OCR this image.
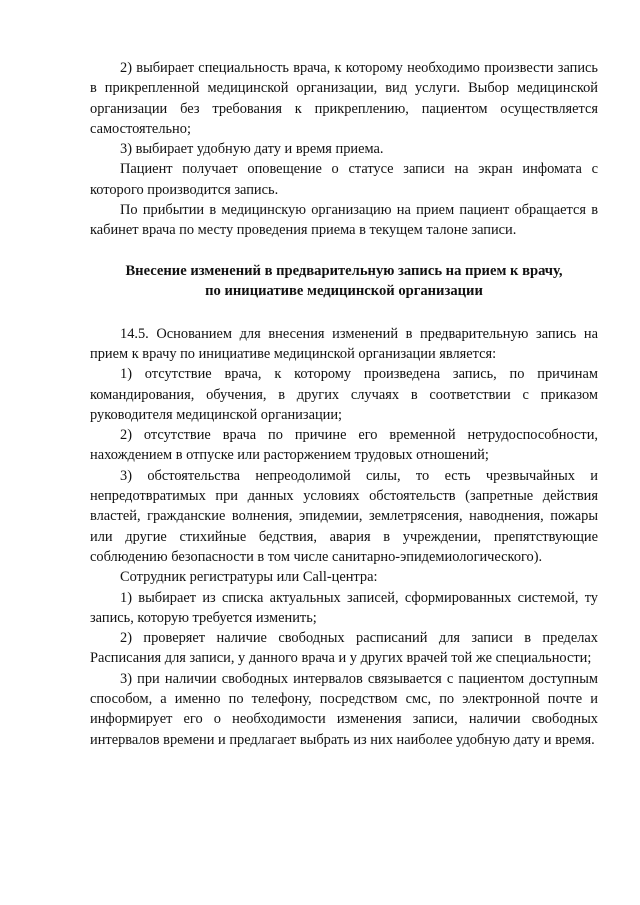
2) выбирает специальность врача, к которому необходимо произвести запись в прикрепленной медицинской организации, вид услуги. Выбор медицинской организации без требования к прикреплению, пациентом осуществляется самостоятельно;

3) выбирает удобную дату и время приема.

Пациент получает оповещение о статусе записи на экран инфомата с которого производится запись.

По прибытии в медицинскую организацию на прием пациент обращается в кабинет врача по месту проведения приема в текущем талоне записи.

Внесение изменений в предварительную запись на прием к врачу,

по инициативе медицинской организации

14.5. Основанием для внесения изменений в предварительную запись на прием к врачу по инициативе медицинской организации является:

1) отсутствие врача, к которому произведена запись, по причинам командирования, обучения, в других случаях в соответствии с приказом руководителя медицинской организации;

2) отсутствие врача по причине его временной нетрудоспособности, нахождением в отпуске или расторжением трудовых отношений;

3) обстоятельства непреодолимой силы, то есть чрезвычайных и непредотвратимых при данных условиях обстоятельств (запретные действия властей, гражданские волнения, эпидемии, землетрясения, наводнения, пожары или другие стихийные бедствия, авария в учреждении, препятствующие соблюдению безопасности в том числе санитарно-эпидемиологического).

Сотрудник регистратуры или Call-центра:

1) выбирает из списка актуальных записей, сформированных системой, ту запись, которую требуется изменить;

2) проверяет наличие свободных расписаний для записи в пределах Расписания для записи, у данного врача и у других врачей той же специальности;

3) при наличии свободных интервалов связывается с пациентом доступным способом, а именно по телефону, посредством смс, по электронной почте и информирует его о необходимости изменения записи, наличии свободных интервалов времени и предлагает выбрать из них наиболее удобную дату и время.
